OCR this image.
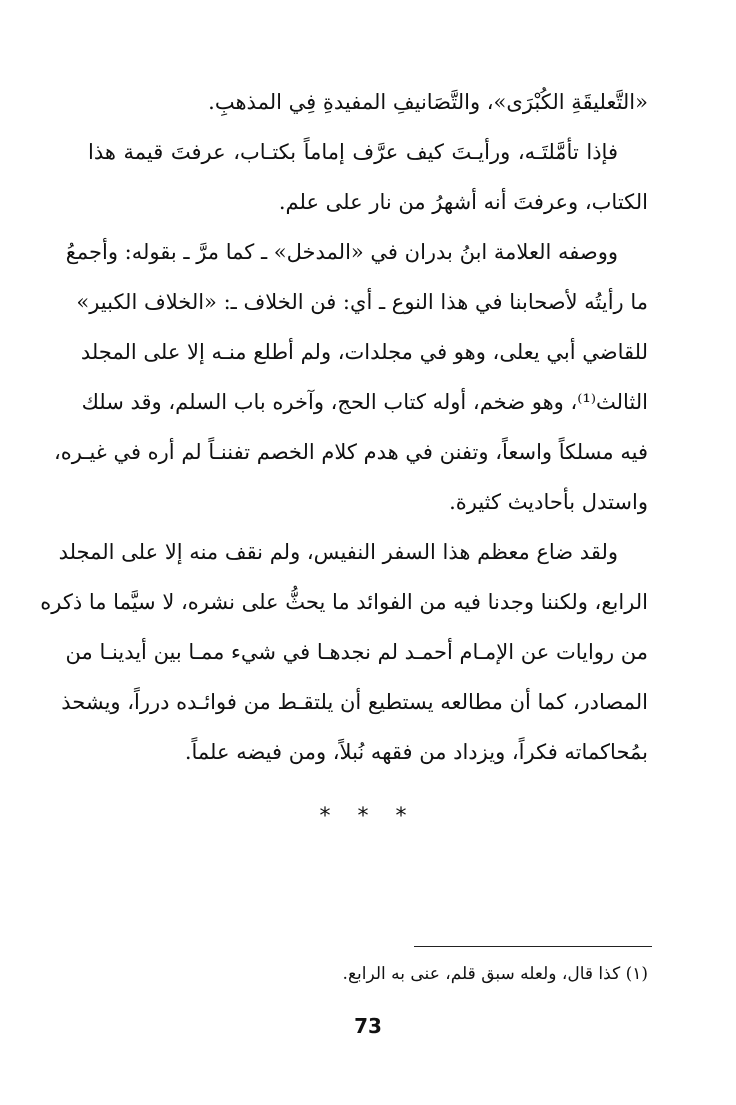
«التَّعليقَةِ الكُبْرَى»، والتَّصَانيفِ المفيدةِ فِي المذهبِ.
فإذا تأمَّلتَـه، ورأيـتَ كيف عرَّف إماماً بكتـاب، عرفتَ قيمة هذا
الكتاب، وعرفتَ أنه أشهرُ من نار على علم.
ووصفه العلامة ابنُ بدران في «المدخل» ـ كما مرَّ ـ بقوله: وأجمعُ
ما رأيتُه لأصحابنا في هذا النوع ـ أي: فن الخلاف ـ: «الخلاف الكبير»
للقاضي أبي يعلى، وهو في مجلدات، ولم أطلع منـه إلا على المجلد
الثالث⁽¹⁾، وهو ضخم، أوله كتاب الحج، وآخره باب السلم، وقد سلك
فيه مسلكاً واسعاً، وتفنن في هدم كلام الخصم تفننـاً لم أره في غيـره،
واستدل بأحاديث كثيرة.
ولقد ضاع معظم هذا السفر النفيس، ولم نقف منه إلا على المجلد
الرابع، ولكننا وجدنا فيه من الفوائد ما يحثُّ على نشره، لا سيَّما ما ذكره
من روايات عن الإمـام أحمـد لم نجدهـا في شيء ممـا بين أيدينـا من
المصادر، كما أن مطالعه يستطيع أن يلتقـط من فوائـده درراً، ويشحذ
بمُحاكماته فكراً، ويزداد من فقهه نُبلاً، ومن فيضه علماً.
* * *
(١) كذا قال، ولعله سبق قلم، عنى به الرابع.
73
